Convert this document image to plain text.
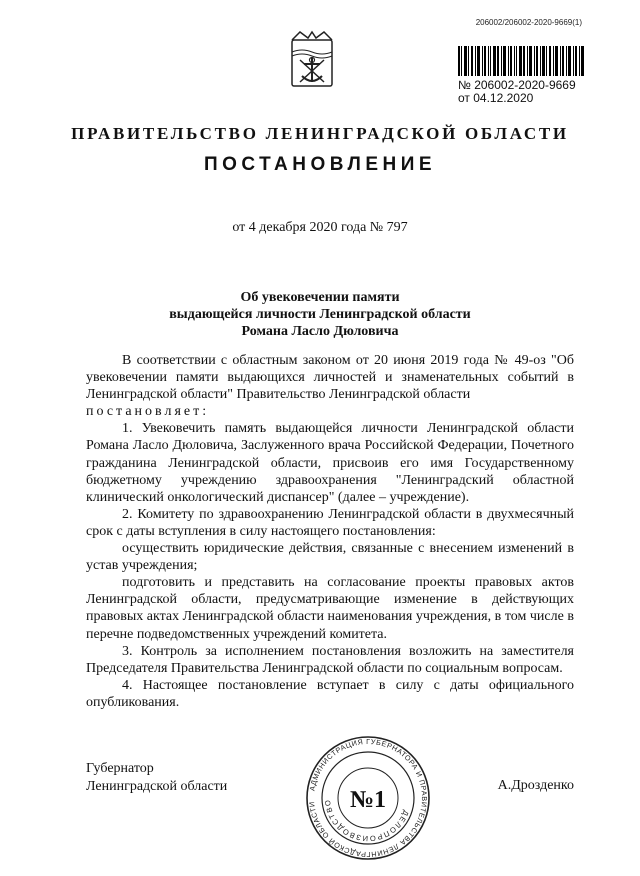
206002/206002-2020-9669(1)
№ 206002-2020-9669
от 04.12.2020
ПРАВИТЕЛЬСТВО ЛЕНИНГРАДСКОЙ ОБЛАСТИ
ПОСТАНОВЛЕНИЕ
от 4 декабря 2020 года № 797
Об увековечении памяти
выдающейся личности Ленинградской области
Романа Ласло Дюловича

В соответствии с областным законом от 20 июня 2019 года № 49-оз "Об увековечении памяти выдающихся личностей и знаменательных событий в Ленинградской области" Правительство Ленинградской области

постановляет:

1. Увековечить память выдающейся личности Ленинградской области Романа Ласло Дюловича, Заслуженного врача Российской Федерации, Почетного гражданина Ленинградской области, присвоив его имя Государственному бюджетному учреждению здравоохранения "Ленинградский областной клинический онкологический диспансер" (далее – учреждение).

2. Комитету по здравоохранению Ленинградской области в двухмесячный срок с даты вступления в силу настоящего постановления:

осуществить юридические действия, связанные с внесением изменений в устав учреждения;

подготовить и представить на согласование проекты правовых актов Ленинградской области, предусматривающие изменение в действующих правовых актах Ленинградской области наименования учреждения, в том числе в перечне подведомственных учреждений комитета.

3. Контроль за исполнением постановления возложить на заместителя Председателя Правительства Ленинградской области по социальным вопросам.

4. Настоящее постановление вступает в силу с даты официального опубликования.

Губернатор
Ленинградской области	А.Дрозденко
АДМИНИСТРАЦИЯ ГУБЕРНАТОРА И ПРАВИТЕЛЬСТВА ЛЕНИНГРАДСКОЙ ОБЛАСТИ
ДЕЛОПРОИЗВОДСТВО №1
